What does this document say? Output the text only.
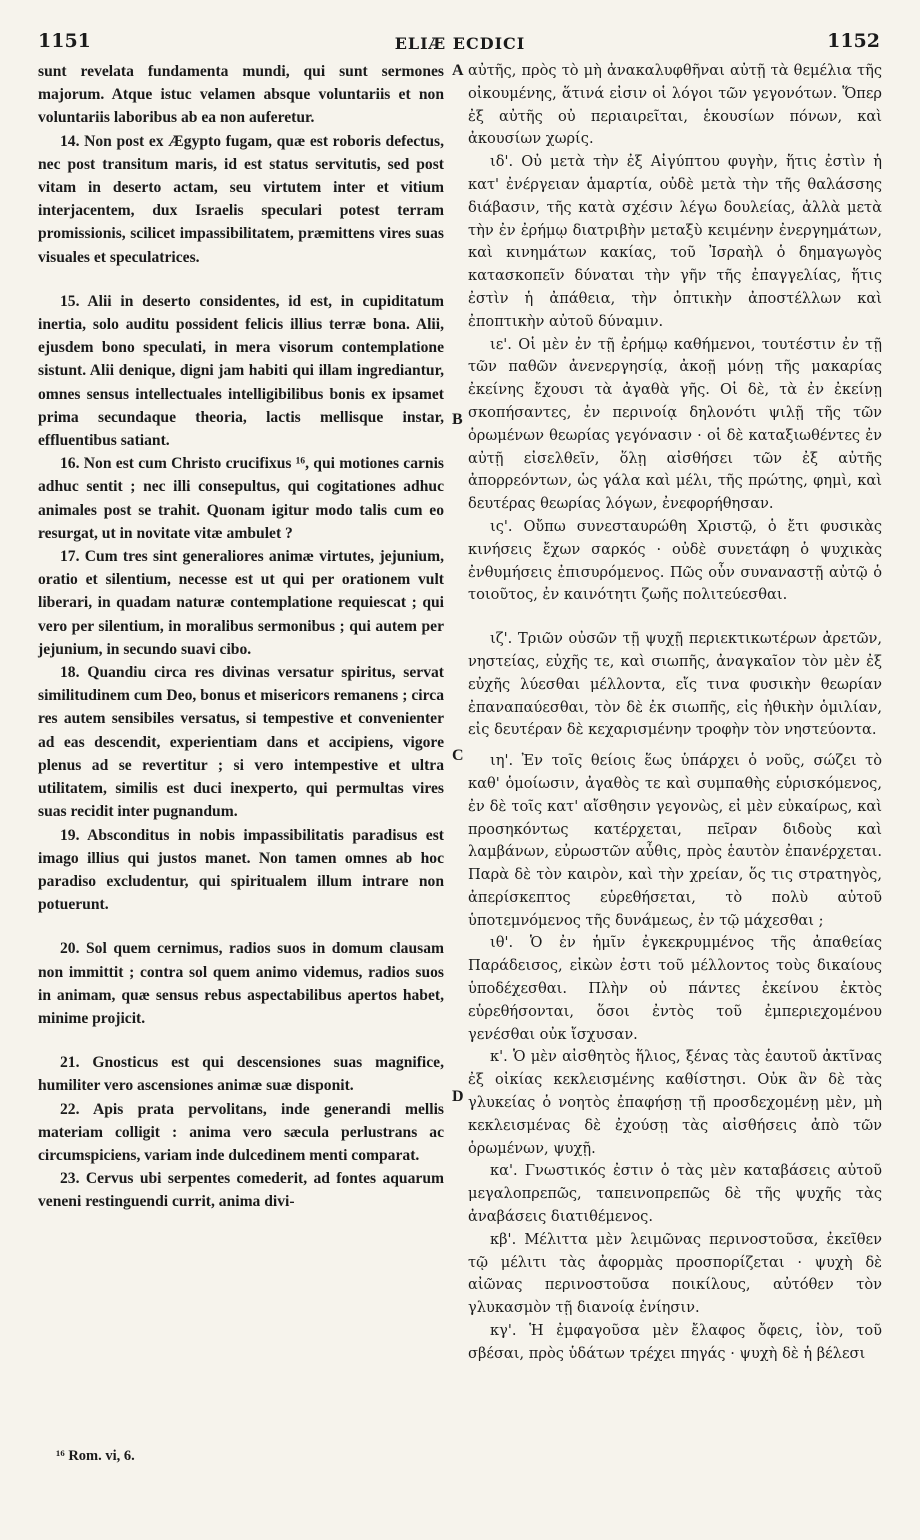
1151	ELIÆ ECDICI	1152

sunt revelata fundamenta mundi, qui sunt sermones majorum. Atque istuc velamen absque voluntariis et non voluntariis laboribus ab ea non auferetur.

14. Non post ex Ægypto fugam, quæ est roboris defectus, nec post transitum maris, id est status servitutis, sed post vitam in deserto actam, seu virtutem inter et vitium interjacentem, dux Israelis speculari potest terram promissionis, scilicet impassibilitatem, præmittens vires suas visuales et speculatrices.

15. Alii in deserto considentes, id est, in cupiditatum inertia, solo auditu possident felicis illius terræ bona. Alii, ejusdem bono speculati, in mera visorum contemplatione sistunt. Alii denique, digni jam habiti qui illam ingrediantur, omnes sensus intellectuales intelligibilibus bonis ex ipsamet prima secundaque theoria, lactis mellisque instar, effluentibus satiant.

16. Non est cum Christo crucifixus ¹⁶, qui motiones carnis adhuc sentit ; nec illi consepultus, qui cogitationes adhuc animales post se trahit. Quonam igitur modo talis cum eo resurgat, ut in novitate vitæ ambulet ?

17. Cum tres sint generaliores animæ virtutes, jejunium, oratio et silentium, necesse est ut qui per orationem vult liberari, in quadam naturæ contemplatione requiescat ; qui vero per silentium, in moralibus sermonibus ; qui autem per jejunium, in secundo suavi cibo.

18. Quandiu circa res divinas versatur spiritus, servat similitudinem cum Deo, bonus et misericors remanens ; circa res autem sensibiles versatus, si tempestive et convenienter ad eas descendit, experientiam dans et accipiens, vigore plenus ad se revertitur ; si vero intempestive et ultra utilitatem, similis est duci inexperto, qui permultas vires suas recidit inter pugnandum.

19. Absconditus in nobis impassibilitatis paradisus est imago illius qui justos manet. Non tamen omnes ab hoc paradiso excludentur, qui spiritualem illum intrare non potuerunt.

20. Sol quem cernimus, radios suos in domum clausam non immittit ; contra sol quem animo videmus, radios suos in animam, quæ sensus rebus aspectabilibus apertos habet, minime projicit.

21. Gnosticus est qui descensiones suas magnifice, humiliter vero ascensiones animæ suæ disponit.

22. Apis prata pervolitans, inde generandi mellis materiam colligit : anima vero sæcula perlustrans ac circumspiciens, variam inde dulcedinem menti comparat.

23. Cervus ubi serpentes comederit, ad fontes aquarum veneni restinguendi currit, anima divi-

A
B
C
D

αὐτῆς, πρὸς τὸ μὴ ἀνακαλυφθῆναι αὐτῇ τὰ θεμέλια τῆς οἰκουμένης, ἅτινά εἰσιν οἱ λόγοι τῶν γεγονότων. Ὅπερ ἐξ αὐτῆς οὐ περιαιρεῖται, ἑκουσίων πόνων, καὶ ἀκουσίων χωρίς.

ιδ'. Οὐ μετὰ τὴν ἐξ Αἰγύπτου φυγὴν, ἥτις ἐστὶν ἡ κατ' ἐνέργειαν ἁμαρτία, οὐδὲ μετὰ τὴν τῆς θαλάσσης διάβασιν, τῆς κατὰ σχέσιν λέγω δουλείας, ἀλλὰ μετὰ τὴν ἐν ἐρήμῳ διατριβὴν μεταξὺ κειμένην ἐνεργημάτων, καὶ κινημάτων κακίας, τοῦ Ἰσραὴλ ὁ δημαγωγὸς κατασκοπεῖν δύναται τὴν γῆν τῆς ἐπαγγελίας, ἥτις ἐστὶν ἡ ἀπάθεια, τὴν ὀπτικὴν ἀποστέλλων καὶ ἐποπτικὴν αὐτοῦ δύναμιν.

ιε'. Οἱ μὲν ἐν τῇ ἐρήμῳ καθήμενοι, τουτέστιν ἐν τῇ τῶν παθῶν ἀνενεργησίᾳ, ἀκοῇ μόνῃ τῆς μακαρίας ἐκείνης ἔχουσι τὰ ἀγαθὰ γῆς. Οἱ δὲ, τὰ ἐν ἐκείνῃ σκοπήσαντες, ἐν περινοίᾳ δηλονότι ψιλῇ τῆς τῶν ὁρωμένων θεωρίας γεγόνασιν · οἱ δὲ καταξιωθέντες ἐν αὐτῇ εἰσελθεῖν, ὅλῃ αἰσθήσει τῶν ἐξ αὐτῆς ἀπορρεόντων, ὡς γάλα καὶ μέλι, τῆς πρώτης, φημὶ, καὶ δευτέρας θεωρίας λόγων, ἐνεφορήθησαν.

ις'. Οὔπω συνεσταυρώθη Χριστῷ, ὁ ἔτι φυσικὰς κινήσεις ἔχων σαρκός · οὐδὲ συνετάφη ὁ ψυχικὰς ἐνθυμήσεις ἐπισυρόμενος. Πῶς οὖν συναναστῇ αὐτῷ ὁ τοιοῦτος, ἐν καινότητι ζωῆς πολιτεύεσθαι.

ιζ'. Τριῶν οὐσῶν τῇ ψυχῇ περιεκτικωτέρων ἀρετῶν, νηστείας, εὐχῆς τε, καὶ σιωπῆς, ἀναγκαῖον τὸν μὲν ἐξ εὐχῆς λύεσθαι μέλλοντα, εἴς τινα φυσικὴν θεωρίαν ἐπαναπαύεσθαι, τὸν δὲ ἐκ σιωπῆς, εἰς ἠθικὴν ὁμιλίαν, εἰς δευτέραν δὲ κεχαρισμένην τροφὴν τὸν νηστεύοντα.

ιη'. Ἐν τοῖς θείοις ἕως ὑπάρχει ὁ νοῦς, σώζει τὸ καθ' ὁμοίωσιν, ἀγαθὸς τε καὶ συμπαθὴς εὑρισκόμενος, ἐν δὲ τοῖς κατ' αἴσθησιν γεγονὼς, εἰ μὲν εὐκαίρως, καὶ προσηκόντως κατέρχεται, πεῖραν διδοὺς καὶ λαμβάνων, εὐρωστῶν αὖθις, πρὸς ἑαυτὸν ἐπανέρχεται. Παρὰ δὲ τὸν καιρὸν, καὶ τὴν χρείαν, ὅς τις στρατηγὸς, ἀπερίσκεπτος εὑρεθήσεται, τὸ πολὺ αὐτοῦ ὑποτεμνόμενος τῆς δυνάμεως, ἐν τῷ μάχεσθαι ;

ιθ'. Ὁ ἐν ἡμῖν ἐγκεκρυμμένος τῆς ἀπαθείας Παράδεισος, εἰκὼν ἐστι τοῦ μέλλοντος τοὺς δικαίους ὑποδέχεσθαι. Πλὴν οὐ πάντες ἐκείνου ἐκτὸς εὑρεθήσονται, ὅσοι ἐντὸς τοῦ ἐμπεριεχομένου γενέσθαι οὐκ ἴσχυσαν.

κ'. Ὁ μὲν αἰσθητὸς ἥλιος, ξένας τὰς ἑαυτοῦ ἀκτῖνας ἐξ οἰκίας κεκλεισμένης καθίστησι. Οὐκ ἂν δὲ τὰς γλυκείας ὁ νοητὸς ἐπαφήσῃ τῇ προσδεχομένῃ μὲν, μὴ κεκλεισμένας δὲ ἐχούσῃ τὰς αἰσθήσεις ἀπὸ τῶν ὁρωμένων, ψυχῇ.

κα'. Γνωστικός ἐστιν ὁ τὰς μὲν καταβάσεις αὐτοῦ μεγαλοπρεπῶς, ταπεινοπρεπῶς δὲ τῆς ψυχῆς τὰς ἀναβάσεις διατιθέμενος.

κβ'. Μέλιττα μὲν λειμῶνας περινοστοῦσα, ἐκεῖθεν τῷ μέλιτι τὰς ἀφορμὰς προσπορίζεται · ψυχὴ δὲ αἰῶνας περινοστοῦσα ποικίλους, αὐτόθεν τὸν γλυκασμὸν τῇ διανοίᾳ ἐνίησιν.

κγ'. Ἡ ἐμφαγοῦσα μὲν ἔλαφος ὄφεις, ἰὸν, τοῦ σβέσαι, πρὸς ὑδάτων τρέχει πηγάς · ψυχὴ δὲ ἡ βέλεσι

¹⁶ Rom. vi, 6.
